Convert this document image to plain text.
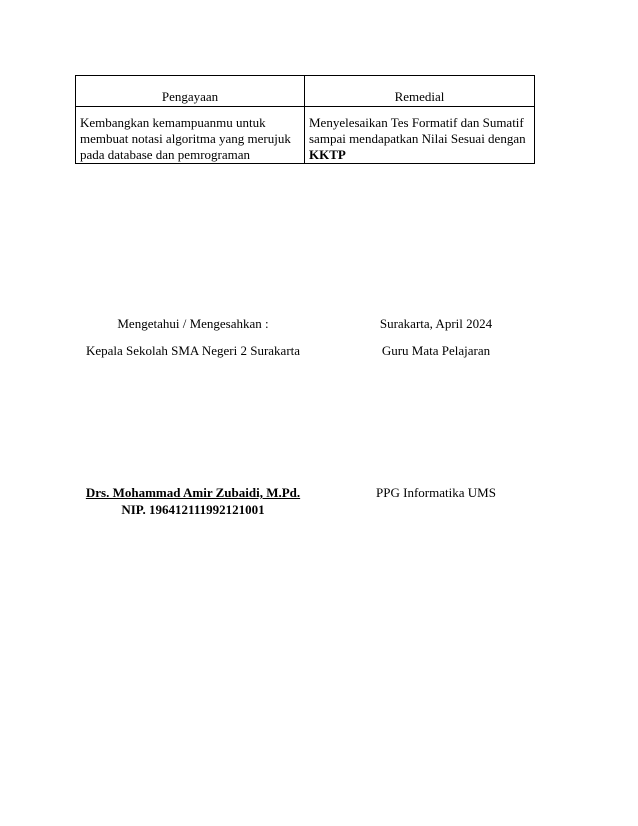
Pengayaan	Remedial
Kembangkan kemampuanmu untuk membuat notasi algoritma yang merujuk pada database dan pemrograman	Menyelesaikan Tes Formatif dan Sumatif sampai mendapatkan Nilai Sesuai dengan KKTP
Mengetahui / Mengesahkan :	Surakarta, April 2024
Kepala Sekolah SMA Negeri 2 Surakarta	Guru Mata Pelajaran
Drs. Mohammad Amir Zubaidi, M.Pd.	PPG Informatika UMS
NIP. 196412111992121001
